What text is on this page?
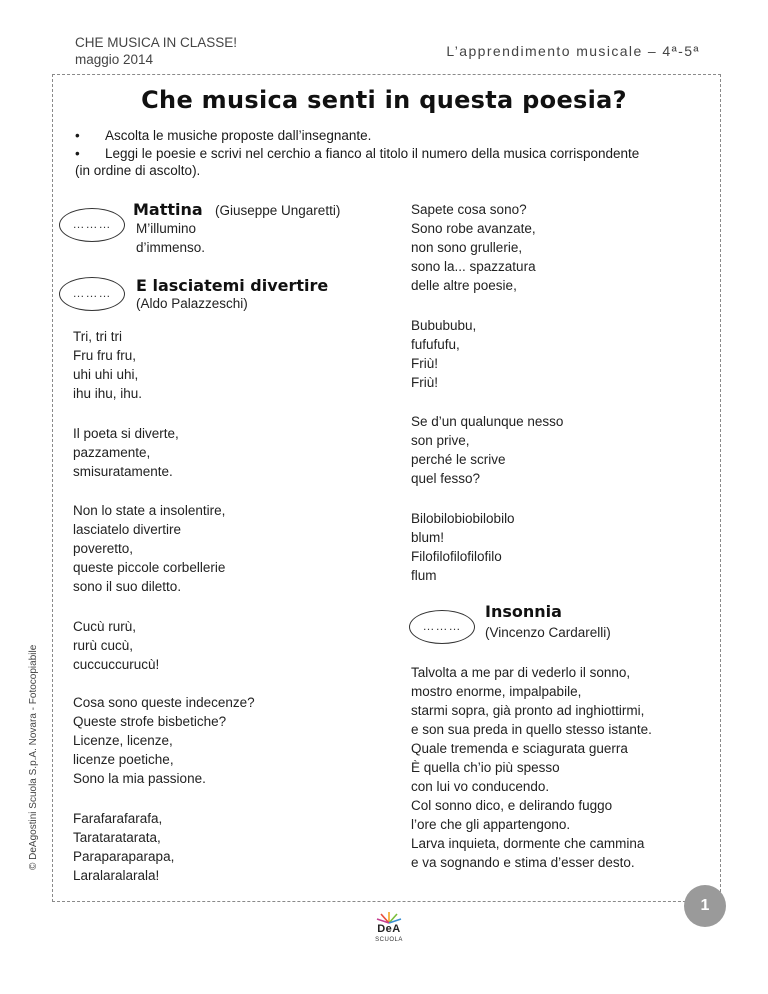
CHE MUSICA IN CLASSE!
maggio 2014
L’apprendimento musicale – 4ª-5ª
Che musica senti in questa poesia?
• Ascolta le musiche proposte dall’insegnante.
• Leggi le poesie e scrivi nel cerchio a fianco al titolo il numero della musica corrispondente (in ordine di ascolto).
………
Mattina (Giuseppe Ungaretti)
M’illumino
d’immenso.
………	E lasciatemi divertire
(Aldo Palazzeschi)
Tri, tri tri
Fru fru fru,
uhi uhi uhi,
ihu ihu, ihu.
Il poeta si diverte,
pazzamente,
smisuratamente.
Non lo state a insolentire,
lasciatelo divertire
poveretto,
queste piccole corbellerie
sono il suo diletto.
Cucù rurù,
rurù cucù,
cuccuccurucù!
Cosa sono queste indecenze?
Queste strofe bisbetiche?
Licenze, licenze,
licenze poetiche,
Sono la mia passione.
Farafarafarafa,
Tarataratarata,
Paraparaparapa,
Laralaralarala!
Sapete cosa sono?
Sono robe avanzate,
non sono grullerie,
sono la... spazzatura
delle altre poesie,
Bubububu,
fufufufu,
Friù!
Friù!
Se d’un qualunque nesso
son prive,
perché le scrive
quel fesso?
Bilobilobiobilobilo
blum!
Filofilofilofilofilo
flum
………
Insonnia
(Vincenzo Cardarelli)
Talvolta a me par di vederlo il sonno,
mostro enorme, impalpabile,
starmi sopra, già pronto ad inghiottirmi,
e son sua preda in quello stesso istante.
Quale tremenda e sciagurata guerra
È quella ch’io più spesso
con lui vo conducendo.
Col sonno dico, e delirando fuggo
l’ore che gli appartengono.
Larva inquieta, dormente che cammina
e va sognando e stima d’esser desto.
© DeAgostini Scuola S.p.A. Novara - Fotocopiabile
1
DeA
SCUOLA
